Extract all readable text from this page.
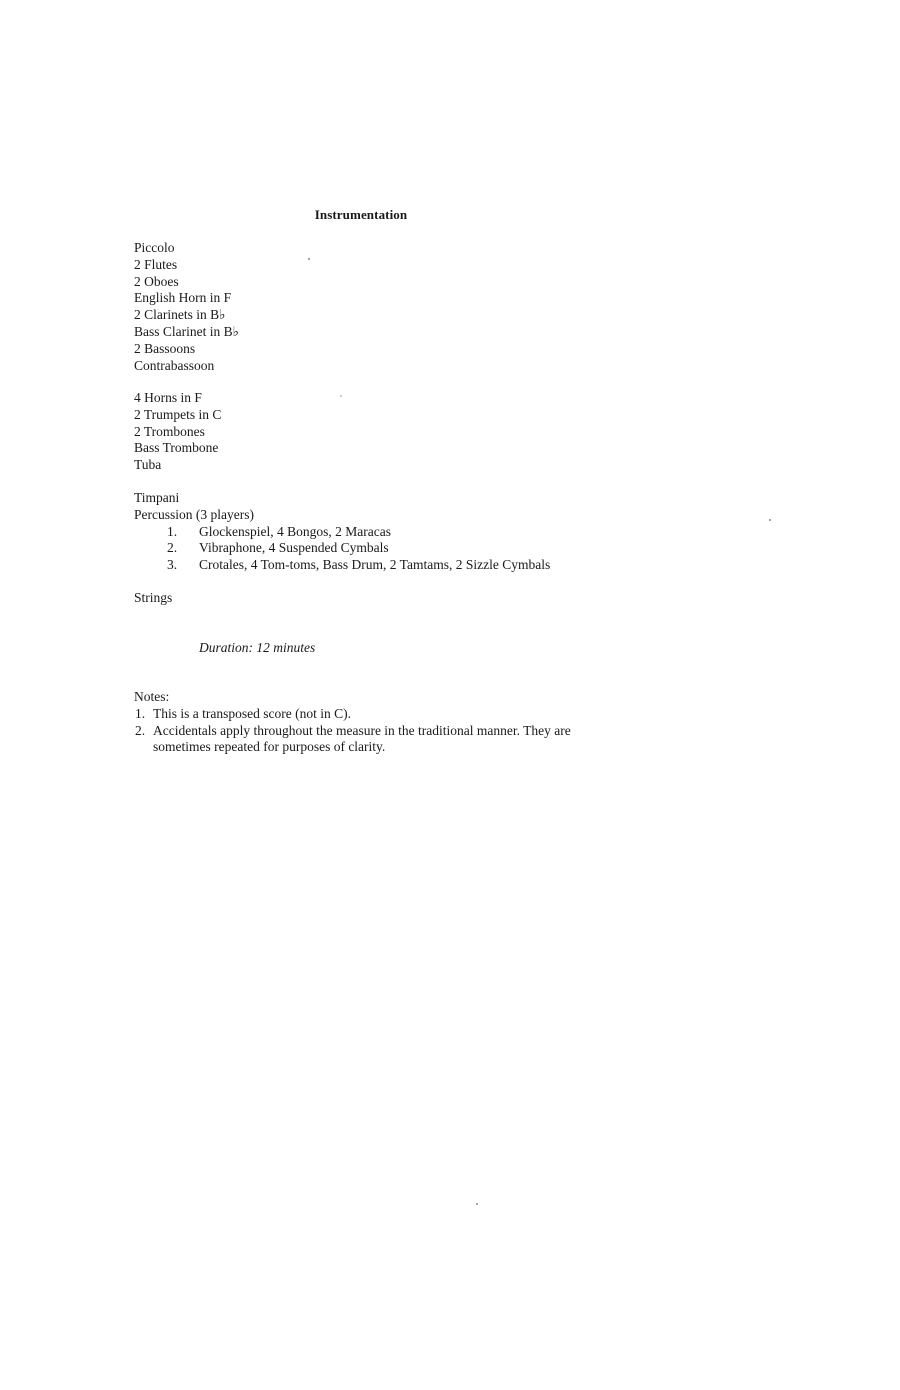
Instrumentation
Piccolo
2 Flutes
2 Oboes
English Horn in F
2 Clarinets in B♭
Bass Clarinet in B♭
2 Bassoons
Contrabassoon
4 Horns in F
2 Trumpets in C
2 Trombones
Bass Trombone
Tuba
Timpani
Percussion (3 players)
1. Glockenspiel, 4 Bongos, 2 Maracas
2. Vibraphone, 4 Suspended Cymbals
3. Crotales, 4 Tom-toms, Bass Drum, 2 Tamtams, 2 Sizzle Cymbals
Strings
Duration: 12 minutes
Notes:
1. This is a transposed score (not in C).
2. Accidentals apply throughout the measure in the traditional manner. They are sometimes repeated for purposes of clarity.
